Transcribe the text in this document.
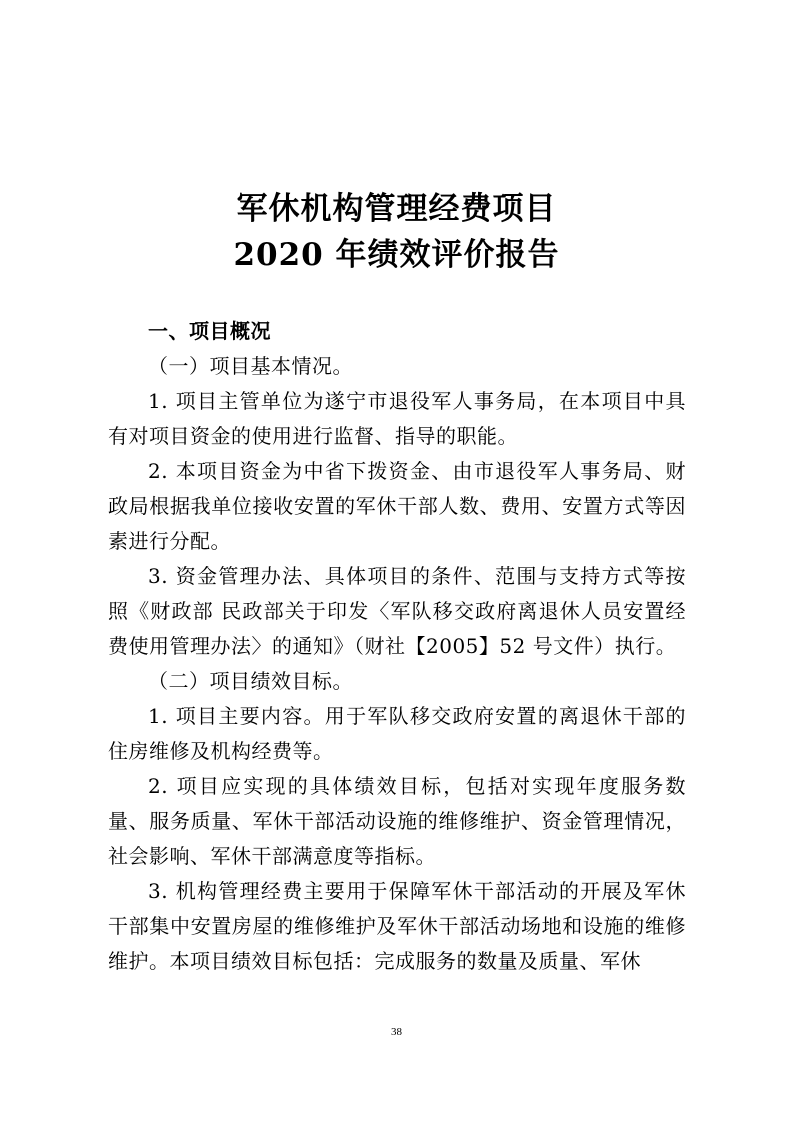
军休机构管理经费项目
2020 年绩效评价报告

一、项目概况

（一）项目基本情况。

1. 项目主管单位为遂宁市退役军人事务局，在本项目中具有对项目资金的使用进行监督、指导的职能。

2. 本项目资金为中省下拨资金、由市退役军人事务局、财政局根据我单位接收安置的军休干部人数、费用、安置方式等因素进行分配。

3. 资金管理办法、具体项目的条件、范围与支持方式等按照《财政部 民政部关于印发〈军队移交政府离退休人员安置经费使用管理办法〉的通知》（财社【2005】52 号文件）执行。

（二）项目绩效目标。

1. 项目主要内容。用于军队移交政府安置的离退休干部的住房维修及机构经费等。

2. 项目应实现的具体绩效目标，包括对实现年度服务数量、服务质量、军休干部活动设施的维修维护、资金管理情况，社会影响、军休干部满意度等指标。

3. 机构管理经费主要用于保障军休干部活动的开展及军休干部集中安置房屋的维修维护及军休干部活动场地和设施的维修维护。本项目绩效目标包括：完成服务的数量及质量、军休

38
